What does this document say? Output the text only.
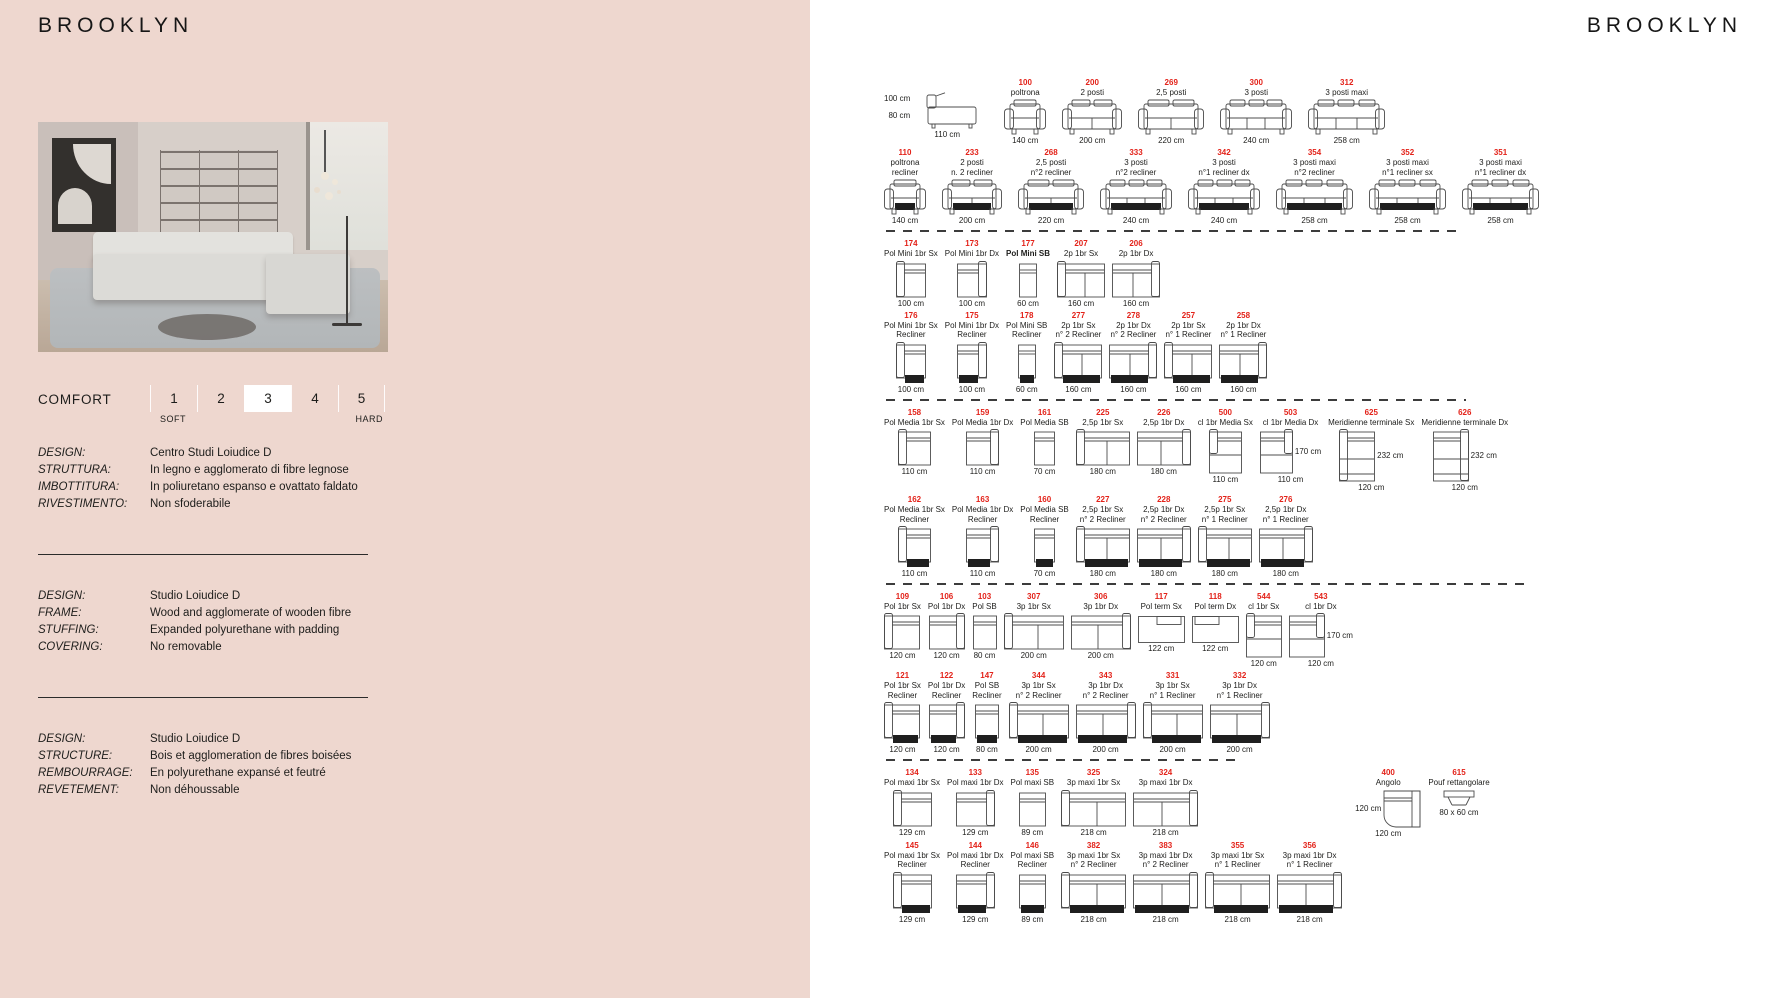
BROOKLYN
COMFORT	1	2	3	4	5
SOFT	HARD
DESIGN:	Centro Studi Loiudice D
STRUTTURA:	In legno e agglomerato di fibre legnose
IMBOTTITURA:	In poliuretano espanso e ovattato faldato
RIVESTIMENTO:	Non sfoderabile
DESIGN:	Studio Loiudice D
FRAME:	Wood and agglomerate of wooden fibre
STUFFING:	Expanded polyurethane with padding
COVERING:	No removable
DESIGN:	Studio Loiudice D
STRUCTURE:	Bois et agglomeration de fibres boisées
REMBOURRAGE:	En polyurethane expansé et feutré
REVETEMENT:	Non déhoussable
BROOKLYN
100 cm
80 cm
110 cm
100
poltrona
140 cm
200
2 posti
200 cm
269
2,5 posti
220 cm
300
3 posti
240 cm
312
3 posti maxi
258 cm
110
poltrona
recliner
140 cm
233
2 posti
n. 2 recliner
200 cm
268
2,5 posti
n°2 recliner
220 cm
333
3 posti
n°2 recliner
240 cm
342
3 posti
n°1 recliner dx
240 cm
354
3 posti maxi
n°2 recliner
258 cm
352
3 posti maxi
n°1 recliner sx
258 cm
351
3 posti maxi
n°1 recliner dx
258 cm
174
Pol Mini 1br Sx
100 cm
173
Pol Mini 1br Dx
100 cm
177
Pol Mini SB
60 cm
207
2p 1br Sx
160 cm
206
2p 1br Dx
160 cm
176
Pol Mini 1br Sx
Recliner
100 cm
175
Pol Mini 1br Dx
Recliner
100 cm
178
Pol Mini SB
Recliner
60 cm
277
2p 1br Sx
n° 2 Recliner
160 cm
278
2p 1br Dx
n° 2 Recliner
160 cm
257
2p 1br Sx
n° 1 Recliner
160 cm
258
2p 1br Dx
n° 1 Recliner
160 cm
158
Pol Media 1br Sx
110 cm
159
Pol Media 1br Dx
110 cm
161
Pol Media SB
70 cm
225
2,5p 1br Sx
180 cm
226
2,5p 1br Dx
180 cm
500
cl 1br Media Sx
110 cm
503
cl 1br Media Dx
170 cm
110 cm
625
Meridienne terminale Sx
232 cm
120 cm
626
Meridienne terminale Dx
232 cm
120 cm
162
Pol Media 1br Sx
Recliner
110 cm
163
Pol Media 1br Dx
Recliner
110 cm
160
Pol Media SB
Recliner
70 cm
227
2,5p 1br Sx
n° 2 Recliner
180 cm
228
2,5p 1br Dx
n° 2 Recliner
180 cm
275
2,5p 1br Sx
n° 1 Recliner
180 cm
276
2,5p 1br Dx
n° 1 Recliner
180 cm
109
Pol 1br Sx
120 cm
106
Pol 1br Dx
120 cm
103
Pol SB
80 cm
307
3p 1br Sx
200 cm
306
3p 1br Dx
200 cm
117
Pol term Sx
122 cm
118
Pol term Dx
122 cm
544
cl 1br Sx
120 cm
543
cl 1br Dx
170 cm
120 cm
121
Pol 1br Sx
Recliner
120 cm
122
Pol 1br Dx
Recliner
120 cm
147
Pol SB
Recliner
80 cm
344
3p 1br Sx
n° 2 Recliner
200 cm
343
3p 1br Dx
n° 2 Recliner
200 cm
331
3p 1br Sx
n° 1 Recliner
200 cm
332
3p 1br Dx
n° 1 Recliner
200 cm
134
Pol maxi 1br Sx
129 cm
133
Pol maxi 1br Dx
129 cm
135
Pol maxi SB
89 cm
325
3p maxi 1br Sx
218 cm
324
3p maxi 1br Dx
218 cm
400
Angolo
120 cm
120 cm
615
Pouf rettangolare
80 x 60 cm
145
Pol maxi 1br Sx
Recliner
129 cm
144
Pol maxi 1br Dx
Recliner
129 cm
146
Pol maxi SB
Recliner
89 cm
382
3p maxi 1br Sx
n° 2 Recliner
218 cm
383
3p maxi 1br Dx
n° 2 Recliner
218 cm
355
3p maxi 1br Sx
n° 1 Recliner
218 cm
356
3p maxi 1br Dx
n° 1 Recliner
218 cm
